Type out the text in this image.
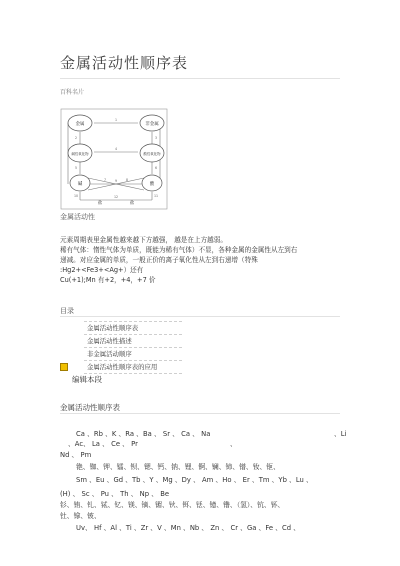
金属活动性顺序表
百科名片
金属	非金属
碱性氧化物	酸性氧化物
碱	酸
盐	盐
1
2	3
4
5	6
7	8
9
10	11
12
金属活动性
元素周期表里金属性越来越下方越强， 越是在上方越弱。
稀有气体：惰性气体为单质，既能为稀有气体）不显，各种金属的金属性从左到右
递减。对应金属的单质，一般正价的离子氧化性从左到右递增（特殊
:Hg2+<Fe3+<Ag+）还有
Cu(+1);Mn 有+2，+4，+7 价
目录
金属活动性顺序表
金属活动性描述
非金属活动顺序
金属活动性顺序表的应用
编辑本段
金属活动性顺序表
Ca 、Rb 、K 、Ra 、Ba 、 Sr 、 Ca 、 Na	、Li
、Ac、 La 、 Ce 、 Pr	、
Nd 、 Pm
铯、铷、钾、镭、钡、锶、钙、钠、锂、锕、镧、铈、镨、钕、钷、
Sm 、Eu 、Gd 、Tb 、Y 、Mg 、Dy 、 Am 、Ho 、 Er 、Tm 、Yb 、Lu 、
(H) 、 Sc 、 Pu 、 Th 、 Np 、 Be
钐、铕、钆、铽、钇、镁、镝、镅、钬、铒、铥、镱、镥、（氢）、钪、钚、
钍、镎、铍、
Uv、 Hf 、Al 、Ti 、Zr 、V 、Mn 、Nb 、 Zn 、 Cr 、Ga 、Fe 、Cd 、
